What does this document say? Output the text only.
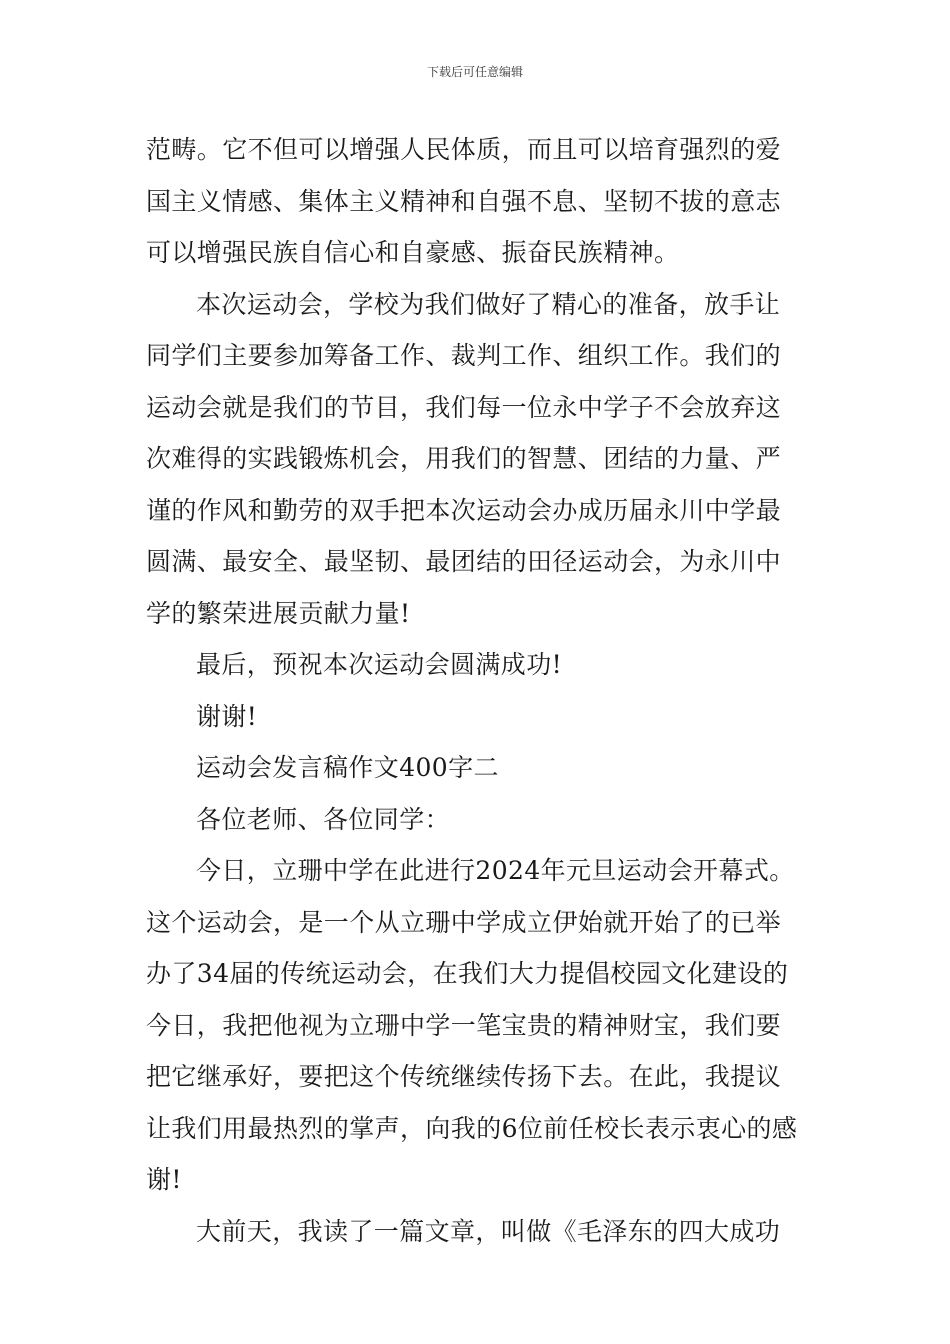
下载后可任意编辑
范畴。它不但可以增强人民体质，而且可以培育强烈的爱
国主义情感、集体主义精神和自强不息、坚韧不拔的意志
可以增强民族自信心和自豪感、振奋民族精神。
本次运动会，学校为我们做好了精心的准备，放手让
同学们主要参加筹备工作、裁判工作、组织工作。我们的
运动会就是我们的节目，我们每一位永中学子不会放弃这
次难得的实践锻炼机会，用我们的智慧、团结的力量、严
谨的作风和勤劳的双手把本次运动会办成历届永川中学最
圆满、最安全、最坚韧、最团结的田径运动会，为永川中
学的繁荣进展贡献力量!
最后，预祝本次运动会圆满成功!
谢谢!
运动会发言稿作文400字二
各位老师、各位同学：
今日，立珊中学在此进行2024年元旦运动会开幕式。
这个运动会，是一个从立珊中学成立伊始就开始了的已举
办了34届的传统运动会，在我们大力提倡校园文化建设的
今日，我把他视为立珊中学一笔宝贵的精神财宝，我们要
把它继承好，要把这个传统继续传扬下去。在此，我提议
让我们用最热烈的掌声，向我的6位前任校长表示衷心的感
谢!
大前天，我读了一篇文章，叫做《毛泽东的四大成功
